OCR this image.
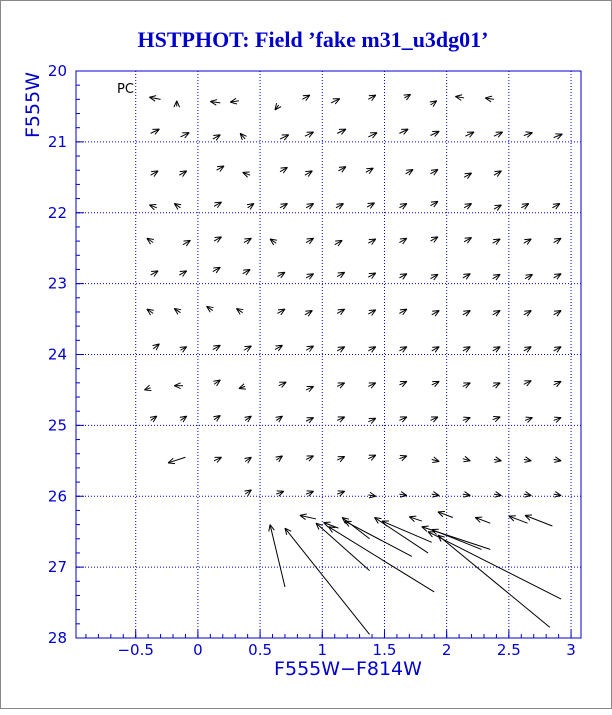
HSTPHOT: Field ’fake m31_u3dg01’
F555W−F814W
F555W	PC
−0.5	0	0.5	1	1.5	2	2.5	3
20
21
22
23
24
25
26
27
28
